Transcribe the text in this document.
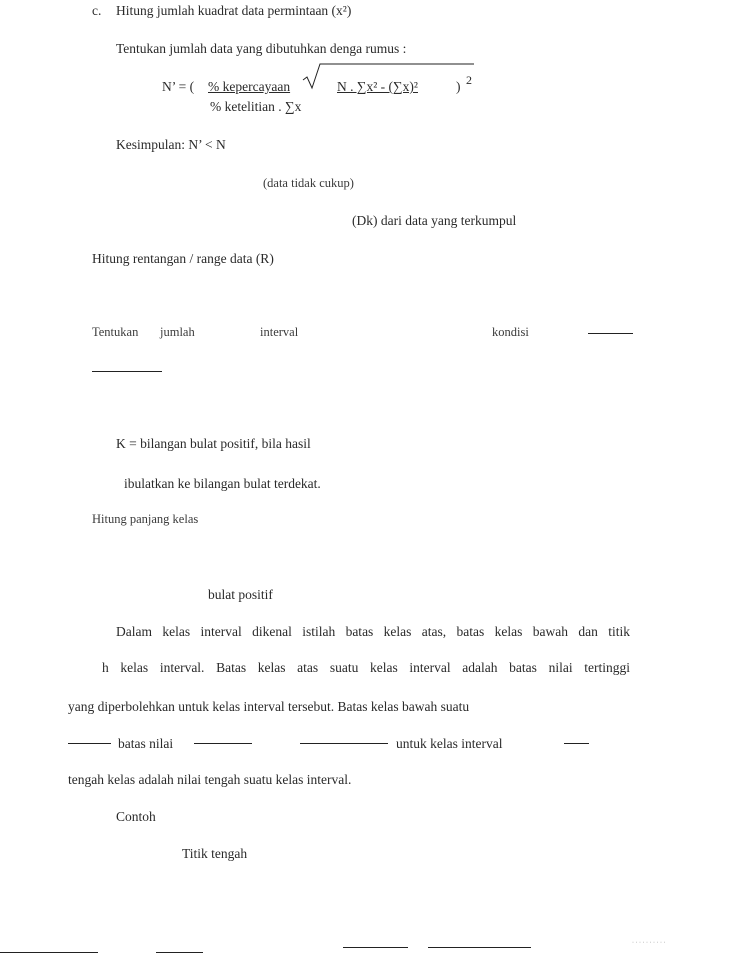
c. Hitung jumlah kuadrat data permintaan (x²)
Tentukan jumlah data yang dibutuhkan denga rumus :
N’ = ( % kepercayaan	N . ∑x² - (∑x)²	) 2
% ketelitian . ∑x
Kesimpulan: N’ < N
(data tidak cukup)
(Dk) dari data yang terkumpul
Hitung rentangan / range data (R)
Tentukan jumlah	interval	kondisi
K = bilangan bulat positif, bila hasil
ibulatkan ke bilangan bulat terdekat.
Hitung panjang kelas
bulat positif
Dalam kelas interval dikenal istilah batas kelas atas, batas kelas bawah dan titik
h kelas interval. Batas kelas atas suatu kelas interval adalah batas nilai tertinggi
yang diperbolehkan untuk kelas interval tersebut. Batas kelas bawah suatu
batas nilai	untuk kelas interval
tengah kelas adalah nilai tengah suatu kelas interval.
Contoh
Titik tengah
· · · · · · · · · ·
